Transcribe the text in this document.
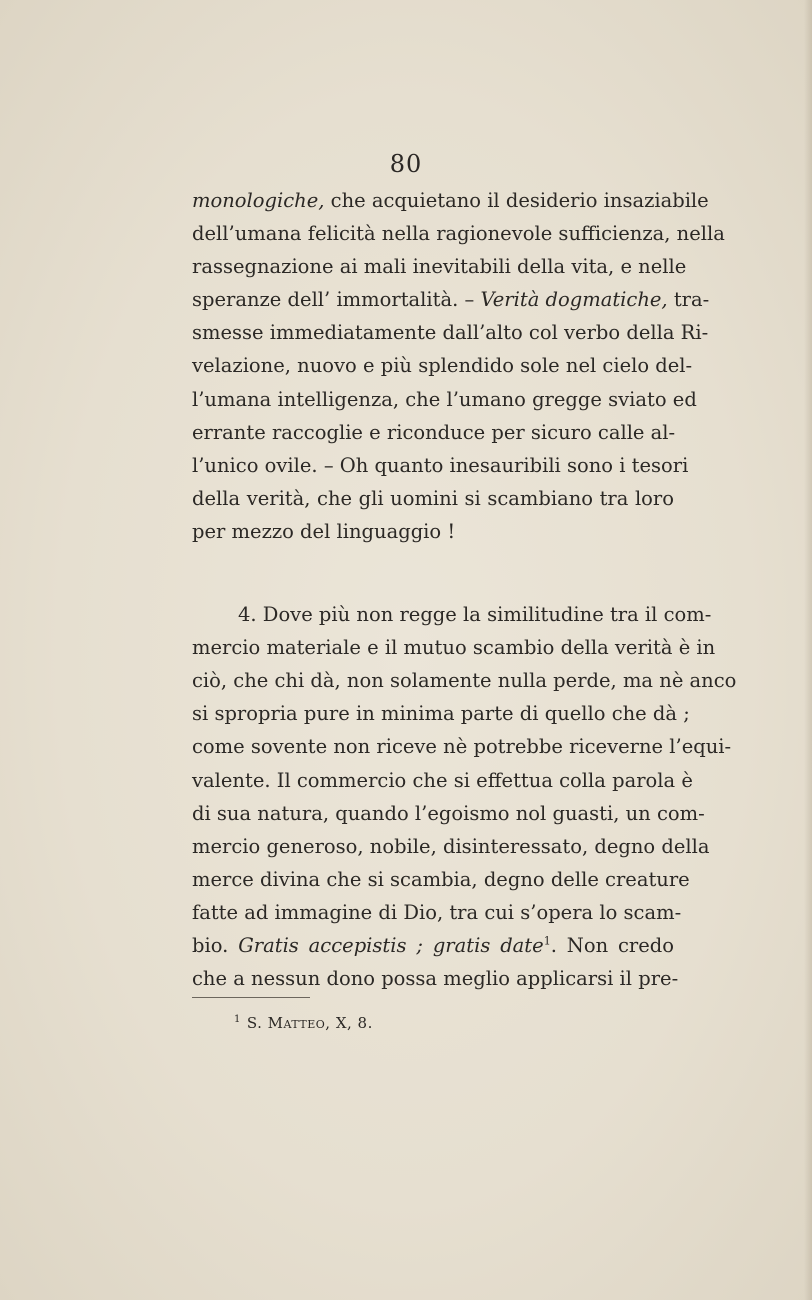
80
monologiche, che acquietano il desiderio insaziabile
dell’umana felicità nella ragionevole sufficienza, nella
rassegnazione ai mali inevitabili della vita, e nelle
speranze dell’ immortalità. – Verità dogmatiche, tra-
smesse immediatamente dall’alto col verbo della Ri-
velazione, nuovo e più splendido sole nel cielo del-
l’umana intelligenza, che l’umano gregge sviato ed
errante raccoglie e riconduce per sicuro calle al-
l’unico ovile. – Oh quanto inesauribili sono i tesori
della verità, che gli uomini si scambiano tra loro
per mezzo del linguaggio !
4. Dove più non regge la similitudine tra il com-
mercio materiale e il mutuo scambio della verità è in
ciò, che chi dà, non solamente nulla perde, ma nè anco
si spropria pure in minima parte di quello che dà ;
come sovente non riceve nè potrebbe riceverne l’equi-
valente. Il commercio che si effettua colla parola è
di sua natura, quando l’egoismo nol guasti, un com-
mercio generoso, nobile, disinteressato, degno della
merce divina che si scambia, degno delle creature
fatte ad immagine di Dio, tra cui s’opera lo scam-
bio. Gratis accepistis ; gratis date$^1$. Non credo
che a nessun dono possa meglio applicarsi il pre-
$^1$ S. Matteo, X, 8.
